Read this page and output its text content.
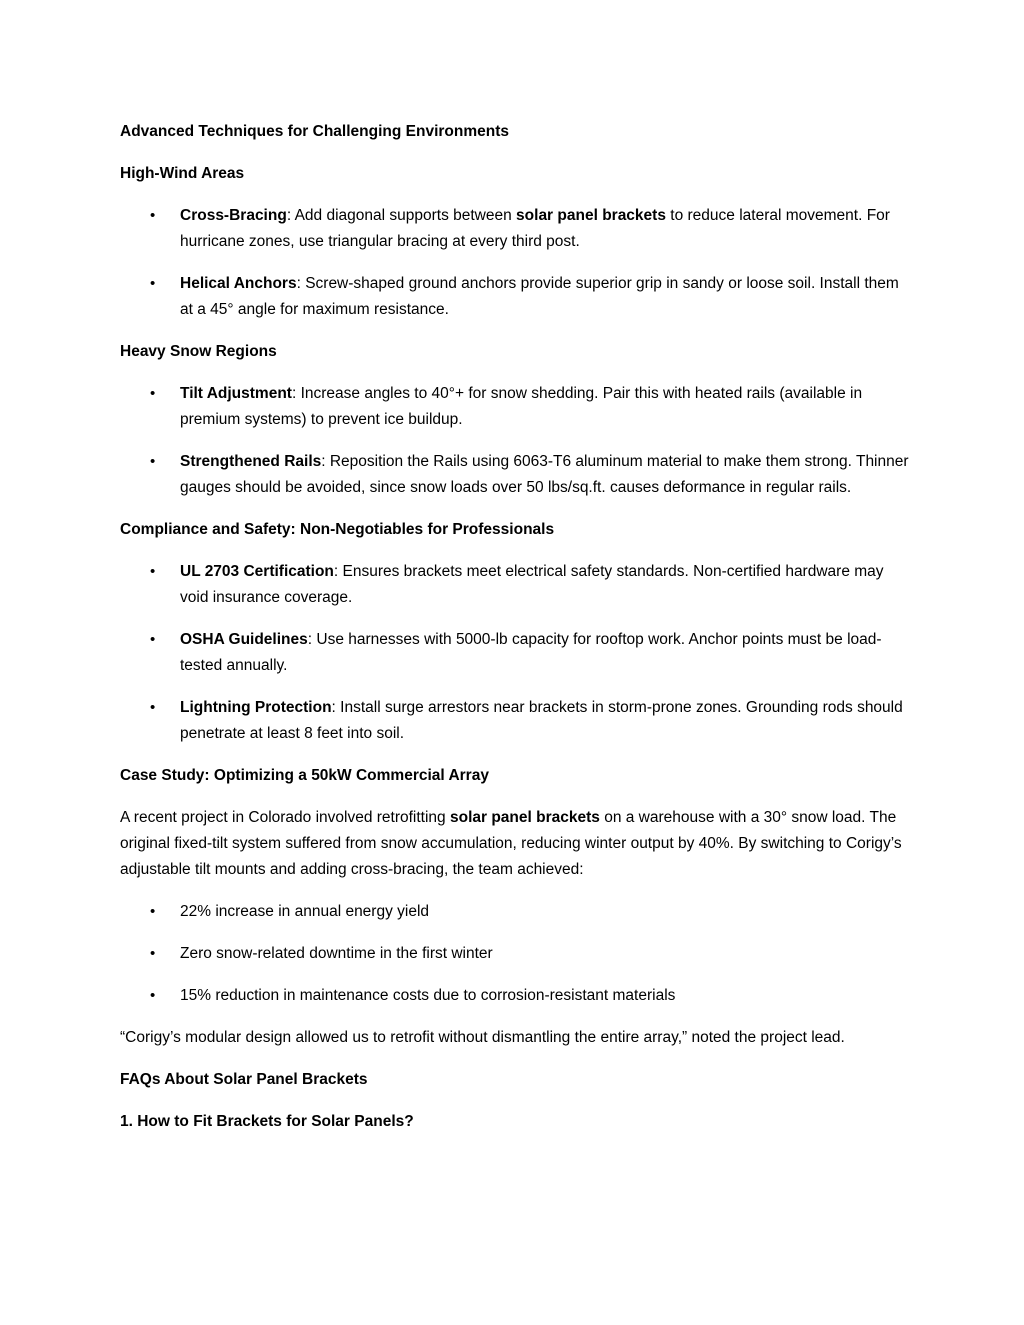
Advanced Techniques for Challenging Environments
High-Wind Areas
• Cross-Bracing: Add diagonal supports between solar panel brackets to reduce lateral movement. For hurricane zones, use triangular bracing at every third post.
• Helical Anchors: Screw-shaped ground anchors provide superior grip in sandy or loose soil. Install them at a 45° angle for maximum resistance.
Heavy Snow Regions
• Tilt Adjustment: Increase angles to 40°+ for snow shedding. Pair this with heated rails (available in premium systems) to prevent ice buildup.
• Strengthened Rails: Reposition the Rails using 6063-T6 aluminum material to make them strong. Thinner gauges should be avoided, since snow loads over 50 lbs/sq.ft. causes deformance in regular rails.
Compliance and Safety: Non-Negotiables for Professionals
• UL 2703 Certification: Ensures brackets meet electrical safety standards. Non-certified hardware may void insurance coverage.
• OSHA Guidelines: Use harnesses with 5000-lb capacity for rooftop work. Anchor points must be load-tested annually.
• Lightning Protection: Install surge arrestors near brackets in storm-prone zones. Grounding rods should penetrate at least 8 feet into soil.
Case Study: Optimizing a 50kW Commercial Array
A recent project in Colorado involved retrofitting solar panel brackets on a warehouse with a 30° snow load. The original fixed-tilt system suffered from snow accumulation, reducing winter output by 40%. By switching to Corigy’s adjustable tilt mounts and adding cross-bracing, the team achieved:
• 22% increase in annual energy yield
• Zero snow-related downtime in the first winter
• 15% reduction in maintenance costs due to corrosion-resistant materials
“Corigy’s modular design allowed us to retrofit without dismantling the entire array,” noted the project lead.
FAQs About Solar Panel Brackets
1. How to Fit Brackets for Solar Panels?
